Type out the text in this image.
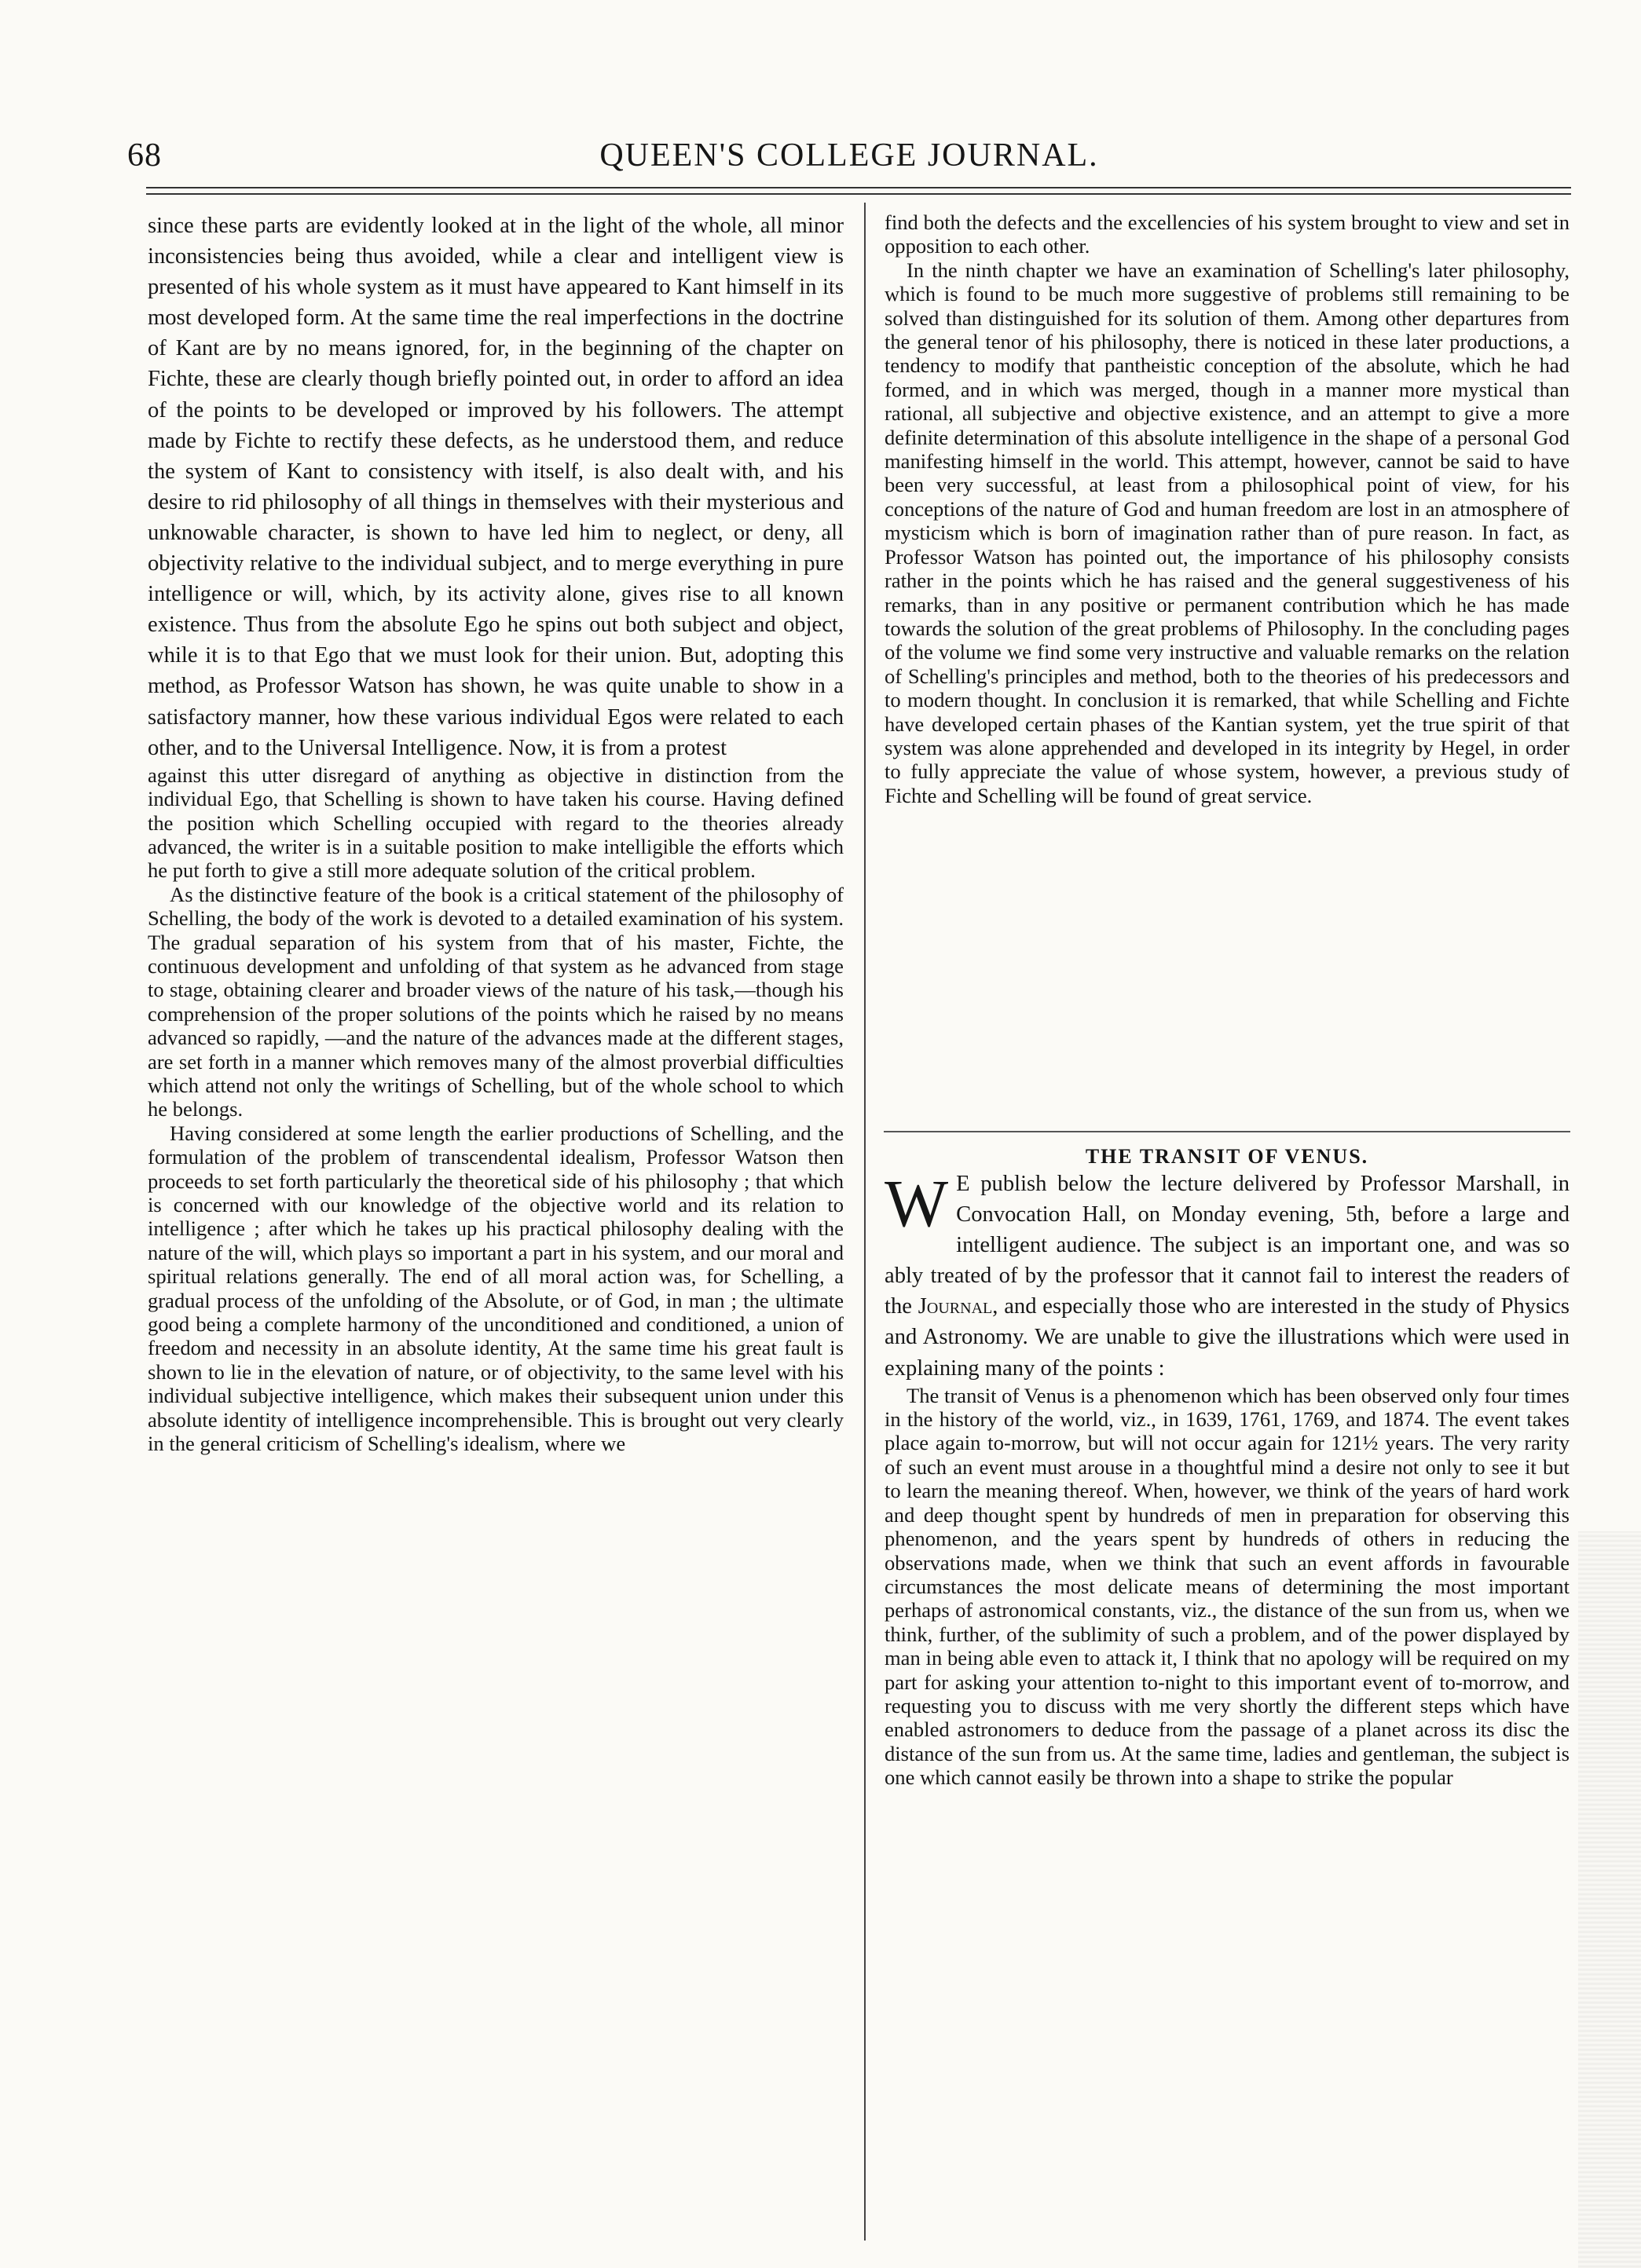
68	QUEEN'S COLLEGE JOURNAL.

since these parts are evidently looked at in the light of the whole, all minor inconsistencies being thus avoided, while a clear and intelligent view is presented of his whole system as it must have appeared to Kant himself in its most developed form. At the same time the real imperfections in the doctrine of Kant are by no means ignored, for, in the beginning of the chapter on Fichte, these are clearly though briefly pointed out, in order to afford an idea of the points to be developed or improved by his followers. The attempt made by Fichte to rectify these defects, as he understood them, and reduce the system of Kant to consistency with itself, is also dealt with, and his desire to rid philosophy of all things in themselves with their mysterious and unknowable character, is shown to have led him to neglect, or deny, all objectivity relative to the individual subject, and to merge everything in pure intelligence or will, which, by its activity alone, gives rise to all known existence. Thus from the absolute Ego he spins out both subject and object, while it is to that Ego that we must look for their union. But, adopting this method, as Professor Watson has shown, he was quite unable to show in a satisfactory manner, how these various individual Egos were related to each other, and to the Universal Intelligence. Now, it is from a protest

against this utter disregard of anything as objective in distinction from the individual Ego, that Schelling is shown to have taken his course. Having defined the position which Schelling occupied with regard to the theories already advanced, the writer is in a suitable position to make intelligible the efforts which he put forth to give a still more adequate solution of the critical problem.

As the distinctive feature of the book is a critical statement of the philosophy of Schelling, the body of the work is devoted to a detailed examination of his system. The gradual separation of his system from that of his master, Fichte, the continuous development and unfolding of that system as he advanced from stage to stage, obtaining clearer and broader views of the nature of his task,—though his comprehension of the proper solutions of the points which he raised by no means advanced so rapidly, —and the nature of the advances made at the different stages, are set forth in a manner which removes many of the almost proverbial difficulties which attend not only the writings of Schelling, but of the whole school to which he belongs.

Having considered at some length the earlier productions of Schelling, and the formulation of the problem of transcendental idealism, Professor Watson then proceeds to set forth particularly the theoretical side of his philosophy ; that which is concerned with our knowledge of the objective world and its relation to intelligence ; after which he takes up his practical philosophy dealing with the nature of the will, which plays so important a part in his system, and our moral and spiritual relations generally. The end of all moral action was, for Schelling, a gradual process of the unfolding of the Absolute, or of God, in man ; the ultimate good being a complete harmony of the unconditioned and conditioned, a union of freedom and necessity in an absolute identity, At the same time his great fault is shown to lie in the elevation of nature, or of objectivity, to the same level with his individual subjective intelligence, which makes their subsequent union under this absolute identity of intelligence incomprehensible. This is brought out very clearly in the general criticism of Schelling's idealism, where we

find both the defects and the excellencies of his system brought to view and set in opposition to each other.

In the ninth chapter we have an examination of Schelling's later philosophy, which is found to be much more suggestive of problems still remaining to be solved than distinguished for its solution of them. Among other departures from the general tenor of his philosophy, there is noticed in these later productions, a tendency to modify that pantheistic conception of the absolute, which he had formed, and in which was merged, though in a manner more mystical than rational, all subjective and objective existence, and an attempt to give a more definite determination of this absolute intelligence in the shape of a personal God manifesting himself in the world. This attempt, however, cannot be said to have been very successful, at least from a philosophical point of view, for his conceptions of the nature of God and human freedom are lost in an atmosphere of mysticism which is born of imagination rather than of pure reason. In fact, as Professor Watson has pointed out, the importance of his philosophy consists rather in the points which he has raised and the general suggestiveness of his remarks, than in any positive or permanent contribution which he has made towards the solution of the great problems of Philosophy. In the concluding pages of the volume we find some very instructive and valuable remarks on the relation of Schelling's principles and method, both to the theories of his predecessors and to modern thought. In conclusion it is remarked, that while Schelling and Fichte have developed certain phases of the Kantian system, yet the true spirit of that system was alone apprehended and developed in its integrity by Hegel, in order to fully appreciate the value of whose system, however, a previous study of Fichte and Schelling will be found of great service.

THE TRANSIT OF VENUS.

W E publish below the lecture delivered by Professor Marshall, in Convocation Hall, on Monday evening, 5th, before a large and intelligent audience. The subject is an important one, and was so ably treated of by the professor that it cannot fail to interest the readers of the Journal, and especially those who are interested in the study of Physics and Astronomy. We are unable to give the illustrations which were used in explaining many of the points :

The transit of Venus is a phenomenon which has been observed only four times in the history of the world, viz., in 1639, 1761, 1769, and 1874. The event takes place again to-morrow, but will not occur again for 121½ years. The very rarity of such an event must arouse in a thoughtful mind a desire not only to see it but to learn the meaning thereof. When, however, we think of the years of hard work and deep thought spent by hundreds of men in preparation for observing this phenomenon, and the years spent by hundreds of others in reducing the observations made, when we think that such an event affords in favourable circumstances the most delicate means of determining the most important perhaps of astronomical constants, viz., the distance of the sun from us, when we think, further, of the sublimity of such a problem, and of the power displayed by man in being able even to attack it, I think that no apology will be required on my part for asking your attention to-night to this important event of to-morrow, and requesting you to discuss with me very shortly the different steps which have enabled astronomers to deduce from the passage of a planet across its disc the distance of the sun from us. At the same time, ladies and gentleman, the subject is one which cannot easily be thrown into a shape to strike the popular
